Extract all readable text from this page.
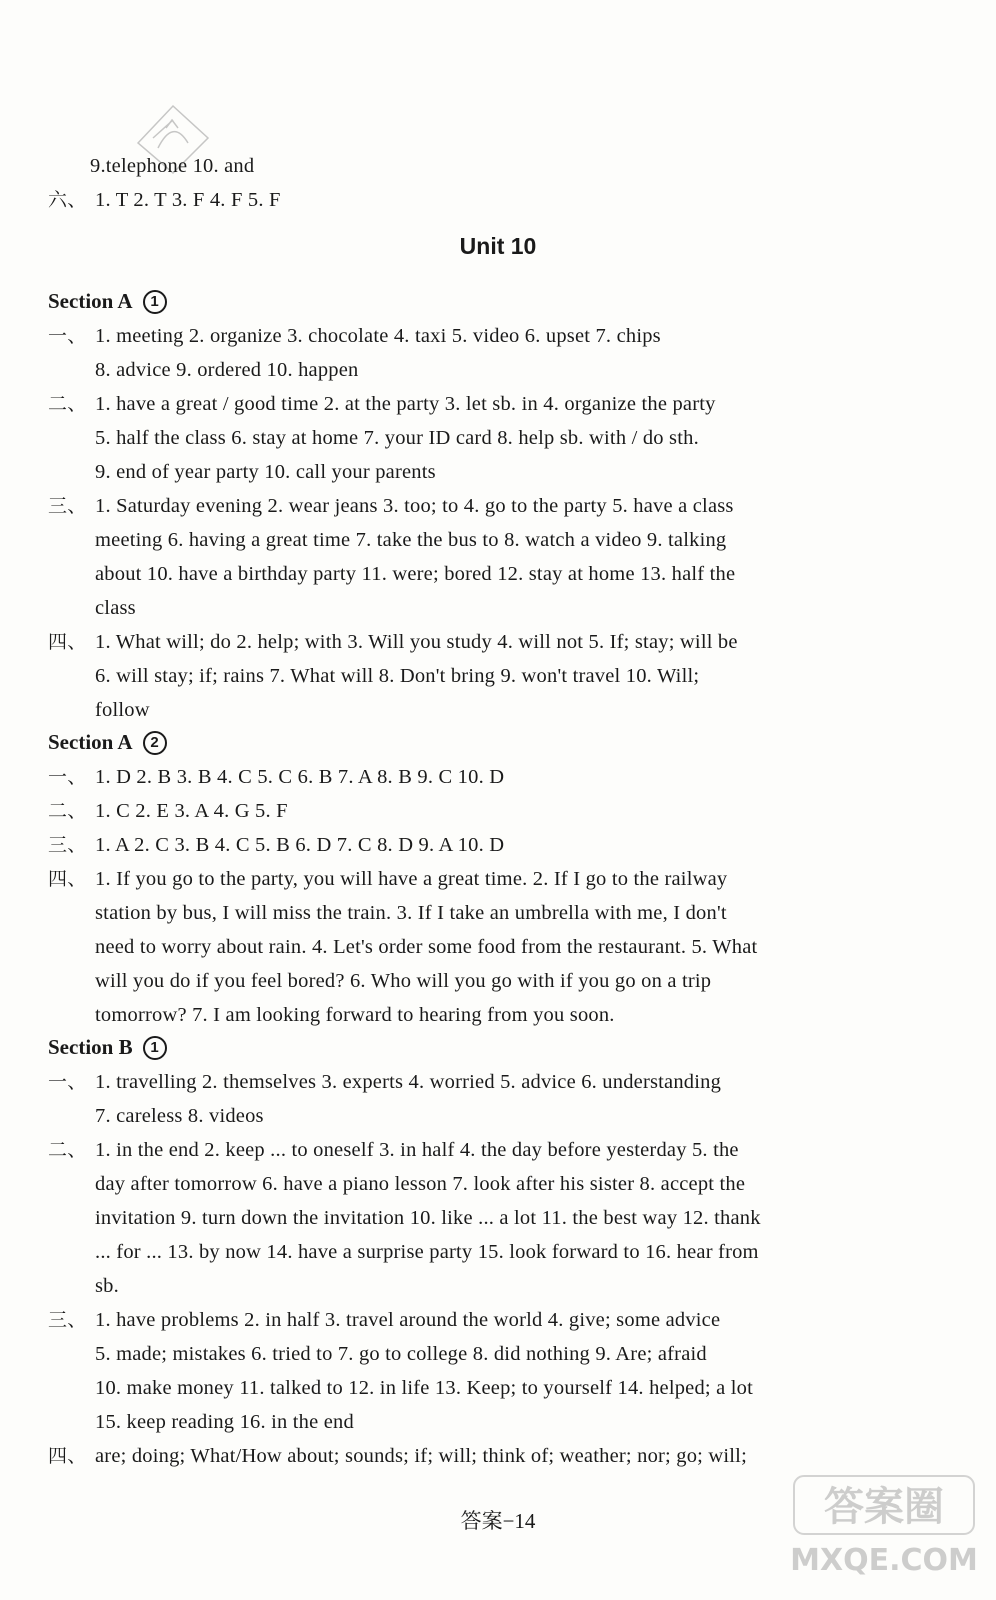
9.telephone 10. and
六、 1. T 2. T 3. F 4. F 5. F
Unit 10
Section A 1
一、 1. meeting 2. organize 3. chocolate 4. taxi 5. video 6. upset 7. chips
8. advice 9. ordered 10. happen
二、 1. have a great / good time 2. at the party 3. let sb. in 4. organize the party
5. half the class 6. stay at home 7. your ID card 8. help sb. with / do sth.
9. end of year party 10. call your parents
三、 1. Saturday evening 2. wear jeans 3. too; to 4. go to the party 5. have a class
meeting 6. having a great time 7. take the bus to 8. watch a video 9. talking
about 10. have a birthday party 11. were; bored 12. stay at home 13. half the
class
四、 1. What will; do 2. help; with 3. Will you study 4. will not 5. If; stay; will be
6. will stay; if; rains 7. What will 8. Don't bring 9. won't travel 10. Will;
follow
Section A 2
一、 1. D 2. B 3. B 4. C 5. C 6. B 7. A 8. B 9. C 10. D
二、 1. C 2. E 3. A 4. G 5. F
三、 1. A 2. C 3. B 4. C 5. B 6. D 7. C 8. D 9. A 10. D
四、 1. If you go to the party, you will have a great time. 2. If I go to the railway
station by bus, I will miss the train. 3. If I take an umbrella with me, I don't
need to worry about rain. 4. Let's order some food from the restaurant. 5. What
will you do if you feel bored? 6. Who will you go with if you go on a trip
tomorrow? 7. I am looking forward to hearing from you soon.
Section B 1
一、 1. travelling 2. themselves 3. experts 4. worried 5. advice 6. understanding
7. careless 8. videos
二、 1. in the end 2. keep ... to oneself 3. in half 4. the day before yesterday 5. the
day after tomorrow 6. have a piano lesson 7. look after his sister 8. accept the
invitation 9. turn down the invitation 10. like ... a lot 11. the best way 12. thank
... for ... 13. by now 14. have a surprise party 15. look forward to 16. hear from
sb.
三、 1. have problems 2. in half 3. travel around the world 4. give; some advice
5. made; mistakes 6. tried to 7. go to college 8. did nothing 9. Are; afraid
10. make money 11. talked to 12. in life 13. Keep; to yourself 14. helped; a lot
15. keep reading 16. in the end
四、 are; doing; What/How about; sounds; if; will; think of; weather; nor; go; will;
答案−14	答案圈
MXQE.COM
